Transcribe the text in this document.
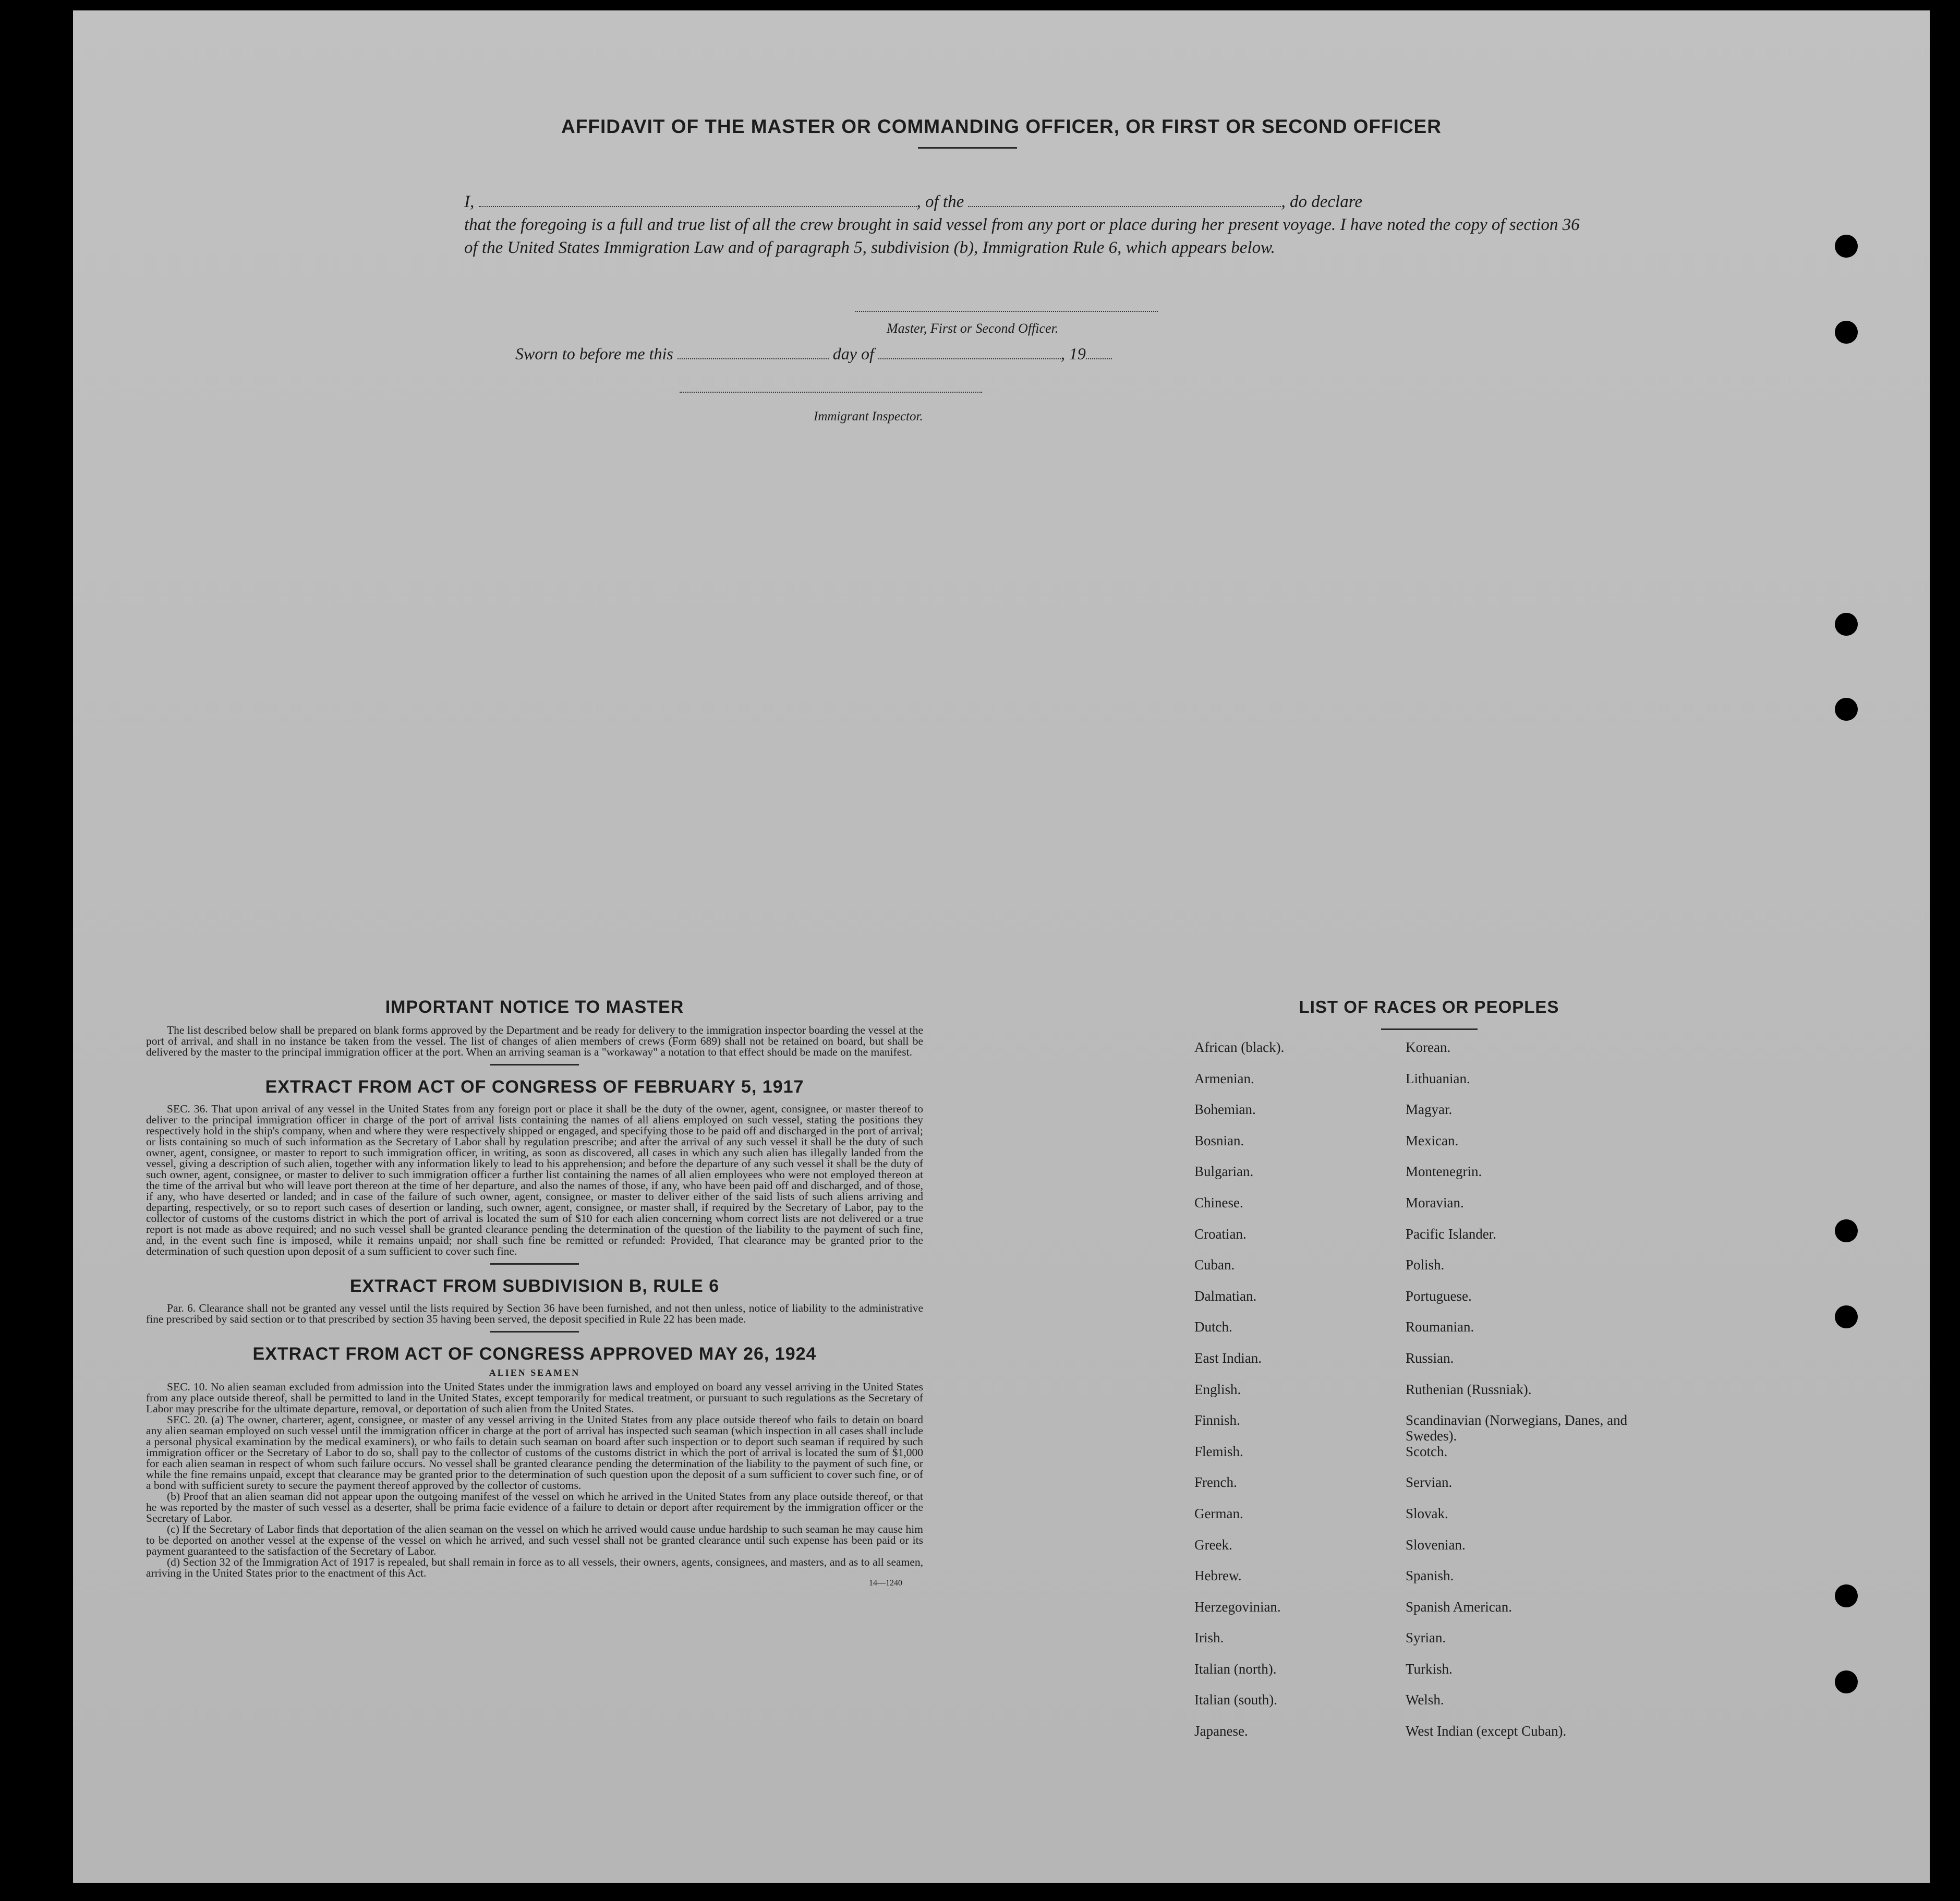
AFFIDAVIT OF THE MASTER OR COMMANDING OFFICER, OR FIRST OR SECOND OFFICER
I,	, of the	, do declare
that the foregoing is a full and true list of all the crew brought in said vessel from any port or place during her present voyage. I have noted the copy of section 36 of the United States Immigration Law and of paragraph 5, subdivision (b), Immigration Rule 6, which appears below.
Master, First or Second Officer.
Sworn to before me this	day of	, 19
Immigrant Inspector.
IMPORTANT NOTICE TO MASTER

The list described below shall be prepared on blank forms approved by the Department and be ready for delivery to the immigration inspector boarding the vessel at the port of arrival, and shall in no instance be taken from the vessel. The list of changes of alien members of crews (Form 689) shall not be retained on board, but shall be delivered by the master to the principal immigration officer at the port. When an arriving seaman is a "workaway" a notation to that effect should be made on the manifest.

EXTRACT FROM ACT OF CONGRESS OF FEBRUARY 5, 1917

SEC. 36. That upon arrival of any vessel in the United States from any foreign port or place it shall be the duty of the owner, agent, consignee, or master thereof to deliver to the principal immigration officer in charge of the port of arrival lists containing the names of all aliens employed on such vessel, stating the positions they respectively hold in the ship's company, when and where they were respectively shipped or engaged, and specifying those to be paid off and discharged in the port of arrival; or lists containing so much of such information as the Secretary of Labor shall by regulation prescribe; and after the arrival of any such vessel it shall be the duty of such owner, agent, consignee, or master to report to such immigration officer, in writing, as soon as discovered, all cases in which any such alien has illegally landed from the vessel, giving a description of such alien, together with any information likely to lead to his apprehension; and before the departure of any such vessel it shall be the duty of such owner, agent, consignee, or master to deliver to such immigration officer a further list containing the names of all alien employees who were not employed thereon at the time of the arrival but who will leave port thereon at the time of her departure, and also the names of those, if any, who have been paid off and discharged, and of those, if any, who have deserted or landed; and in case of the failure of such owner, agent, consignee, or master to deliver either of the said lists of such aliens arriving and departing, respectively, or so to report such cases of desertion or landing, such owner, agent, consignee, or master shall, if required by the Secretary of Labor, pay to the collector of customs of the customs district in which the port of arrival is located the sum of $10 for each alien concerning whom correct lists are not delivered or a true report is not made as above required; and no such vessel shall be granted clearance pending the determination of the question of the liability to the payment of such fine, and, in the event such fine is imposed, while it remains unpaid; nor shall such fine be remitted or refunded: Provided, That clearance may be granted prior to the determination of such question upon deposit of a sum sufficient to cover such fine.

EXTRACT FROM SUBDIVISION B, RULE 6

Par. 6. Clearance shall not be granted any vessel until the lists required by Section 36 have been furnished, and not then unless, notice of liability to the administrative fine prescribed by said section or to that prescribed by section 35 having been served, the deposit specified in Rule 22 has been made.

EXTRACT FROM ACT OF CONGRESS APPROVED MAY 26, 1924
ALIEN SEAMEN

SEC. 10. No alien seaman excluded from admission into the United States under the immigration laws and employed on board any vessel arriving in the United States from any place outside thereof, shall be permitted to land in the United States, except temporarily for medical treatment, or pursuant to such regulations as the Secretary of Labor may prescribe for the ultimate departure, removal, or deportation of such alien from the United States.

SEC. 20. (a) The owner, charterer, agent, consignee, or master of any vessel arriving in the United States from any place outside thereof who fails to detain on board any alien seaman employed on such vessel until the immigration officer in charge at the port of arrival has inspected such seaman (which inspection in all cases shall include a personal physical examination by the medical examiners), or who fails to detain such seaman on board after such inspection or to deport such seaman if required by such immigration officer or the Secretary of Labor to do so, shall pay to the collector of customs of the customs district in which the port of arrival is located the sum of $1,000 for each alien seaman in respect of whom such failure occurs. No vessel shall be granted clearance pending the determination of the liability to the payment of such fine, or while the fine remains unpaid, except that clearance may be granted prior to the determination of such question upon the deposit of a sum sufficient to cover such fine, or of a bond with sufficient surety to secure the payment thereof approved by the collector of customs.

(b) Proof that an alien seaman did not appear upon the outgoing manifest of the vessel on which he arrived in the United States from any place outside thereof, or that he was reported by the master of such vessel as a deserter, shall be prima facie evidence of a failure to detain or deport after requirement by the immigration officer or the Secretary of Labor.

(c) If the Secretary of Labor finds that deportation of the alien seaman on the vessel on which he arrived would cause undue hardship to such seaman he may cause him to be deported on another vessel at the expense of the vessel on which he arrived, and such vessel shall not be granted clearance until such expense has been paid or its payment guaranteed to the satisfaction of the Secretary of Labor.

(d) Section 32 of the Immigration Act of 1917 is repealed, but shall remain in force as to all vessels, their owners, agents, consignees, and masters, and as to all seamen, arriving in the United States prior to the enactment of this Act.

14—1240
LIST OF RACES OR PEOPLES
African (black).	Korean.
Armenian.	Lithuanian.
Bohemian.	Magyar.
Bosnian.	Mexican.
Bulgarian.	Montenegrin.
Chinese.	Moravian.
Croatian.	Pacific Islander.
Cuban.	Polish.
Dalmatian.	Portuguese.
Dutch.	Roumanian.
East Indian.	Russian.
English.	Ruthenian (Russniak).
Finnish.	Scandinavian (Norwegians, Danes, and Swedes).
Flemish.	Scotch.
French.	Servian.
German.	Slovak.
Greek.	Slovenian.
Hebrew.	Spanish.
Herzegovinian.	Spanish American.
Irish.	Syrian.
Italian (north).	Turkish.
Italian (south).	Welsh.
Japanese.	West Indian (except Cuban).
